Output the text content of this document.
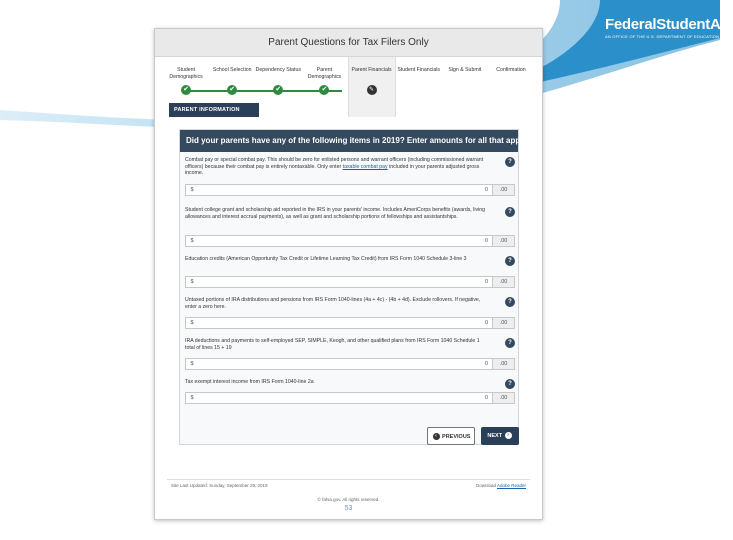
FederalStudentAid
AN OFFICE OF THE U.S. DEPARTMENT OF EDUCATION
Parent Questions for Tax Filers Only
Student Demographics
✔
School Selection
✔
Dependency Status
✔
Parent Demographics
✔
Parent Financials
✎
Student Financials	Sign & Submit	Confirmation
Did your parents have any of the following items in 2019? Enter amounts for all that apply.
Combat pay or special combat pay. This should be zero for enlisted persons and warrant officers (including commissioned warrant officers) because their combat pay is entirely nontaxable. Only enter taxable combat pay included in your parents adjusted gross income.
?
$	0	.00
Student college grant and scholarship aid reported in the IRS in your parents' income. Includes AmeriCorps benefits (awards, living allowances and interest accrual payments), as well as grant and scholarship portions of fellowships and assistantships.
?
$	0	.00
Education credits (American Opportunity Tax Credit or Lifetime Learning Tax Credit) from IRS Form 1040 Schedule 3-line 3	?
$	0	.00
Untaxed portions of IRA distributions and pensions from IRS Form 1040-lines (4a + 4c) - (4b + 4d). Exclude rollovers. If negative, enter a zero here.
?
$	0	.00
IRA deductions and payments to self-employed SEP, SIMPLE, Keogh, and other qualified plans from IRS Form 1040 Schedule 1 total of lines 15 + 19
?
$	0	.00
Tax exempt interest income from IRS Form 1040-line 2a	?
$	0	.00
PARENT INFORMATION
‹ PREVIOUS	NEXT ›
Site Last Updated: Sunday, September 29, 2019	Download Adobe Reader
© fafsa.gov. All rights reserved.
53
